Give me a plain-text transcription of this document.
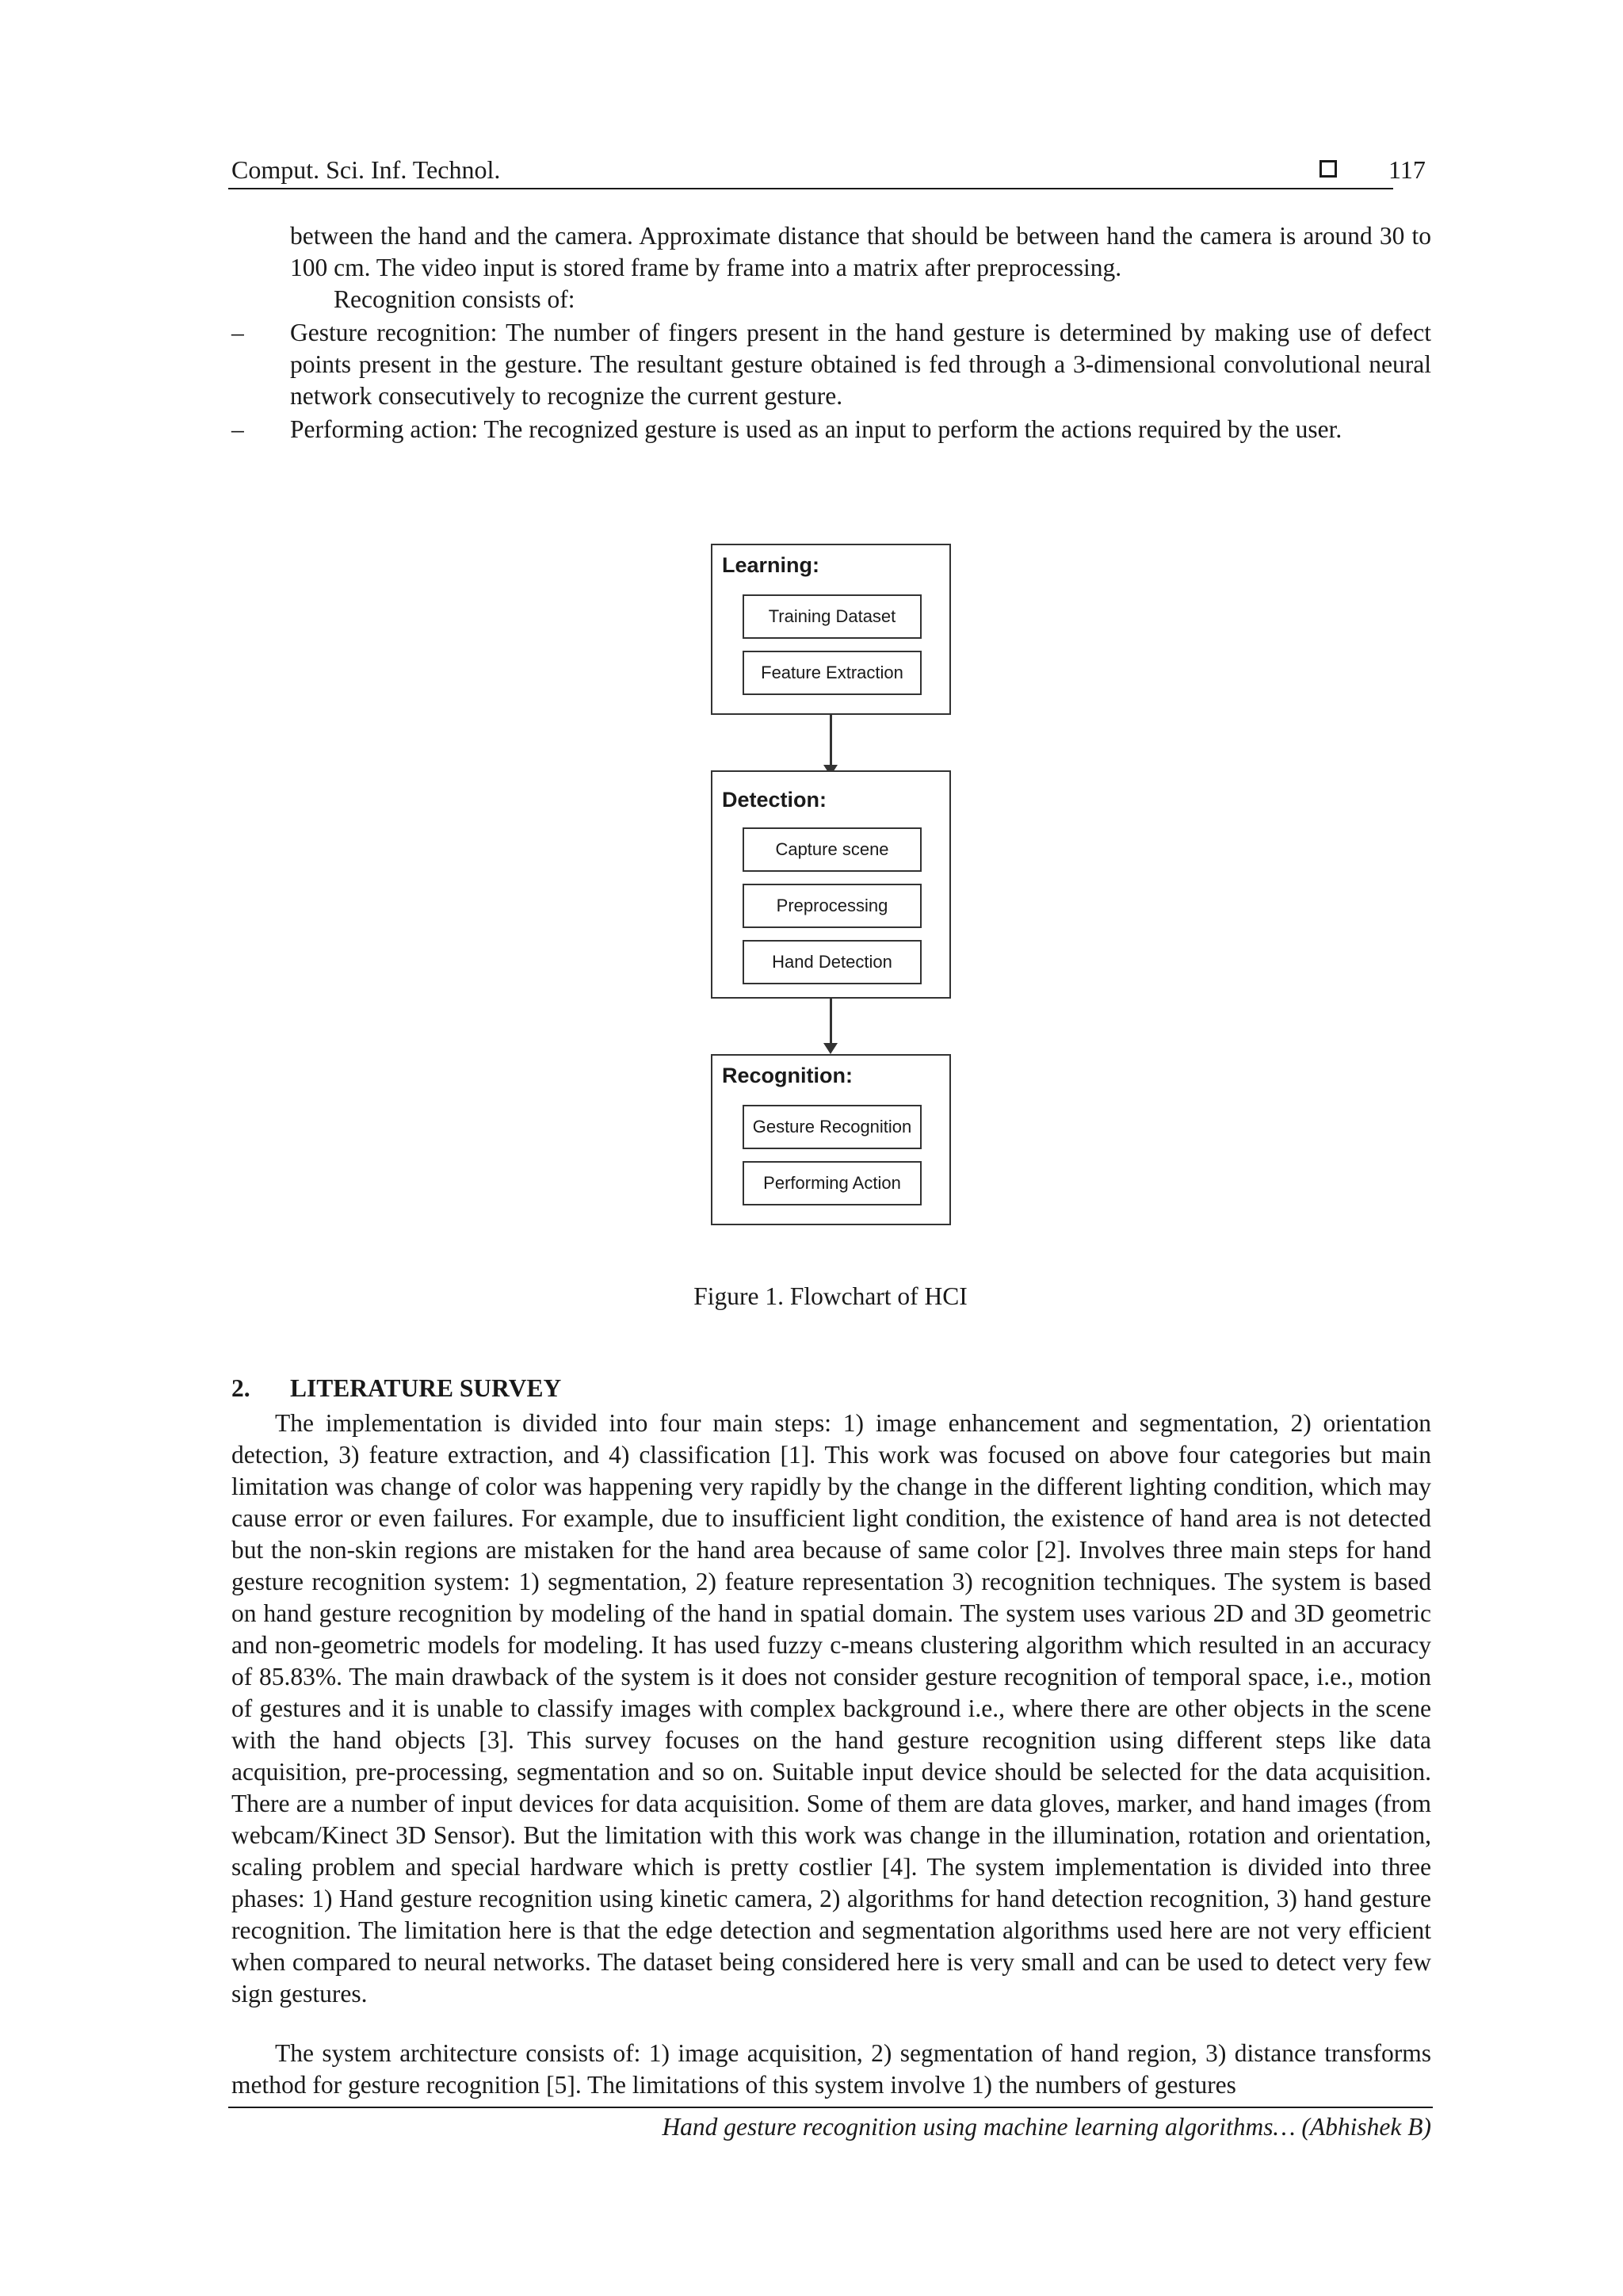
Comput. Sci. Inf. Technol.	117
between the hand and the camera. Approximate distance that should be between hand the camera is around 30 to 100 cm. The video input is stored frame by frame into a matrix after preprocessing.
Recognition consists of:
– Gesture recognition: The number of fingers present in the hand gesture is determined by making use of defect points present in the gesture. The resultant gesture obtained is fed through a 3-dimensional convolutional neural network consecutively to recognize the current gesture.
– Performing action: The recognized gesture is used as an input to perform the actions required by the user.
Learning:
Training Dataset
Feature Extraction
Detection:
Capture scene
Preprocessing
Hand Detection
Recognition:
Gesture Recognition
Performing Action
Figure 1. Flowchart of HCI
2. LITERATURE SURVEY
The implementation is divided into four main steps: 1) image enhancement and segmentation, 2) orientation detection, 3) feature extraction, and 4) classification [1]. This work was focused on above four categories but main limitation was change of color was happening very rapidly by the change in the different lighting condition, which may cause error or even failures. For example, due to insufficient light condition, the existence of hand area is not detected but the non-skin regions are mistaken for the hand area because of same color [2]. Involves three main steps for hand gesture recognition system: 1) segmentation, 2) feature representation 3) recognition techniques. The system is based on hand gesture recognition by modeling of the hand in spatial domain. The system uses various 2D and 3D geometric and non-geometric models for modeling. It has used fuzzy c-means clustering algorithm which resulted in an accuracy of 85.83%. The main drawback of the system is it does not consider gesture recognition of temporal space, i.e., motion of gestures and it is unable to classify images with complex background i.e., where there are other objects in the scene with the hand objects [3]. This survey focuses on the hand gesture recognition using different steps like data acquisition, pre-processing, segmentation and so on. Suitable input device should be selected for the data acquisition. There are a number of input devices for data acquisition. Some of them are data gloves, marker, and hand images (from webcam/Kinect 3D Sensor). But the limitation with this work was change in the illumination, rotation and orientation, scaling problem and special hardware which is pretty costlier [4]. The system implementation is divided into three phases: 1) Hand gesture recognition using kinetic camera, 2) algorithms for hand detection recognition, 3) hand gesture recognition. The limitation here is that the edge detection and segmentation algorithms used here are not very efficient when compared to neural networks. The dataset being considered here is very small and can be used to detect very few sign gestures.
The system architecture consists of: 1) image acquisition, 2) segmentation of hand region, 3) distance transforms method for gesture recognition [5]. The limitations of this system involve 1) the numbers of gestures
Hand gesture recognition using machine learning algorithms… (Abhishek B)
